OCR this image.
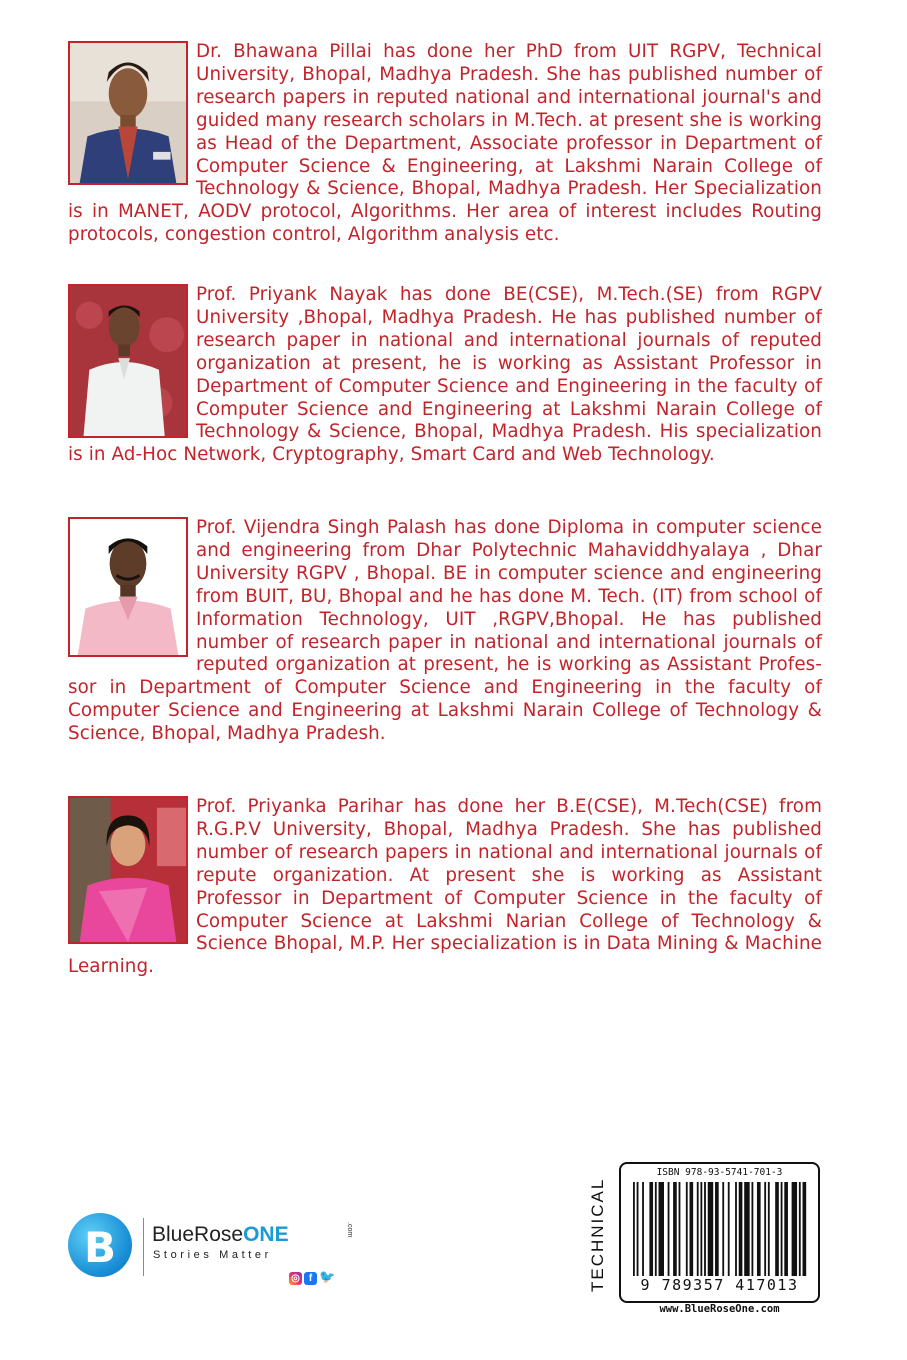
Dr. Bhawana Pillai has done her PhD from UIT RGPV, Technical University, Bhopal, Madhya Pradesh. She has published number of research papers in reputed national and international journal's and guided many research scholars in M.Tech. at present she is working as Head of the Department, Associate professor in Department of Computer Science & Engineering, at Lakshmi Narain College of Technology & Science, Bhopal, Madhya Pradesh. Her Specialization is in MANET, AODV protocol, Algorithms. Her area of interest includes Routing protocols, congestion control, Algorithm analysis etc.
Prof. Priyank Nayak has done BE(CSE), M.Tech.(SE) from RGPV University ,Bhopal, Madhya Pradesh. He has published number of research paper in national and international journals of reputed organization at present, he is working as Assistant Professor in Department of Computer Science and Engineering in the faculty of Computer Science and Engineering at Lakshmi Narain College of Technology & Science, Bhopal, Madhya Pradesh. His specialization is in Ad-Hoc Network, Cryptography, Smart Card and Web Technology.
Prof. Vijendra Singh Palash has done Diploma in computer science and engineering from Dhar Polytechnic Mahaviddhyalaya , Dhar University RGPV , Bhopal. BE in computer science and engineering from BUIT, BU, Bhopal and he has done M. Tech. (IT) from school of Information Technology, UIT ,RGPV,Bhopal. He has published number of research paper in national and international journals of reputed organization at present, he is working as Assistant Profes-sor in Department of Computer Science and Engineering in the faculty of Computer Science and Engineering at Lakshmi Narain College of Technology & Science, Bhopal, Madhya Pradesh.
Prof. Priyanka Parihar has done her B.E(CSE), M.Tech(CSE) from R.G.P.V University, Bhopal, Madhya Pradesh. She has published number of research papers in national and international journals of repute organization. At present she is working as Assistant Professor in Department of Computer Science in the faculty of Computer Science at Lakshmi Narian College of Technology & Science Bhopal, M.P. Her specialization is in Data Mining & Machine Learning.
B BlueRoseONE	.com
Stories Matter
◎ f 🐦	TECHNICAL
ISBN 978-93-5741-701-3
9 789357 417013
www.BlueRoseOne.com
